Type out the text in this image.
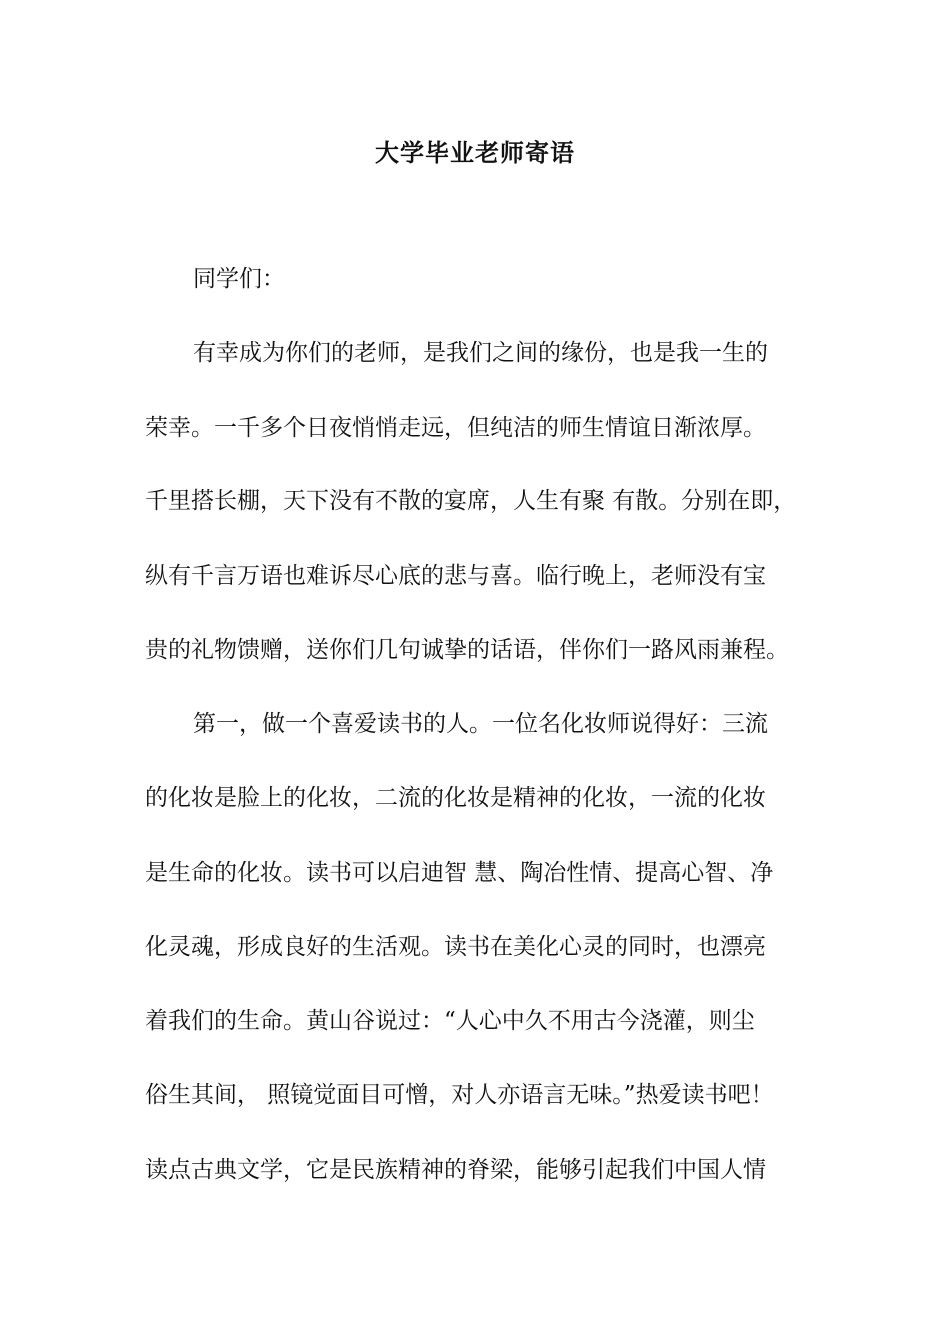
大学毕业老师寄语
同学们：
有幸成为你们的老师，是我们之间的缘份，也是我一生的
荣幸。一千多个日夜悄悄走远，但纯洁的师生情谊日渐浓厚。
千里搭长棚，天下没有不散的宴席，人生有聚 有散。分别在即，
纵有千言万语也难诉尽心底的悲与喜。临行晚上，老师没有宝
贵的礼物馈赠，送你们几句诚挚的话语，伴你们一路风雨兼程。
第一，做一个喜爱读书的人。一位名化妆师说得好：三流
的化妆是脸上的化妆，二流的化妆是精神的化妆，一流的化妆
是生命的化妆。读书可以启迪智 慧、陶冶性情、提高心智、净
化灵魂，形成良好的生活观。读书在美化心灵的同时，也漂亮
着我们的生命。黄山谷说过：“人心中久不用古今浇灌，则尘
俗生其间， 照镜觉面目可憎，对人亦语言无味。”热爱读书吧！
读点古典文学，它是民族精神的脊梁，能够引起我们中国人情
